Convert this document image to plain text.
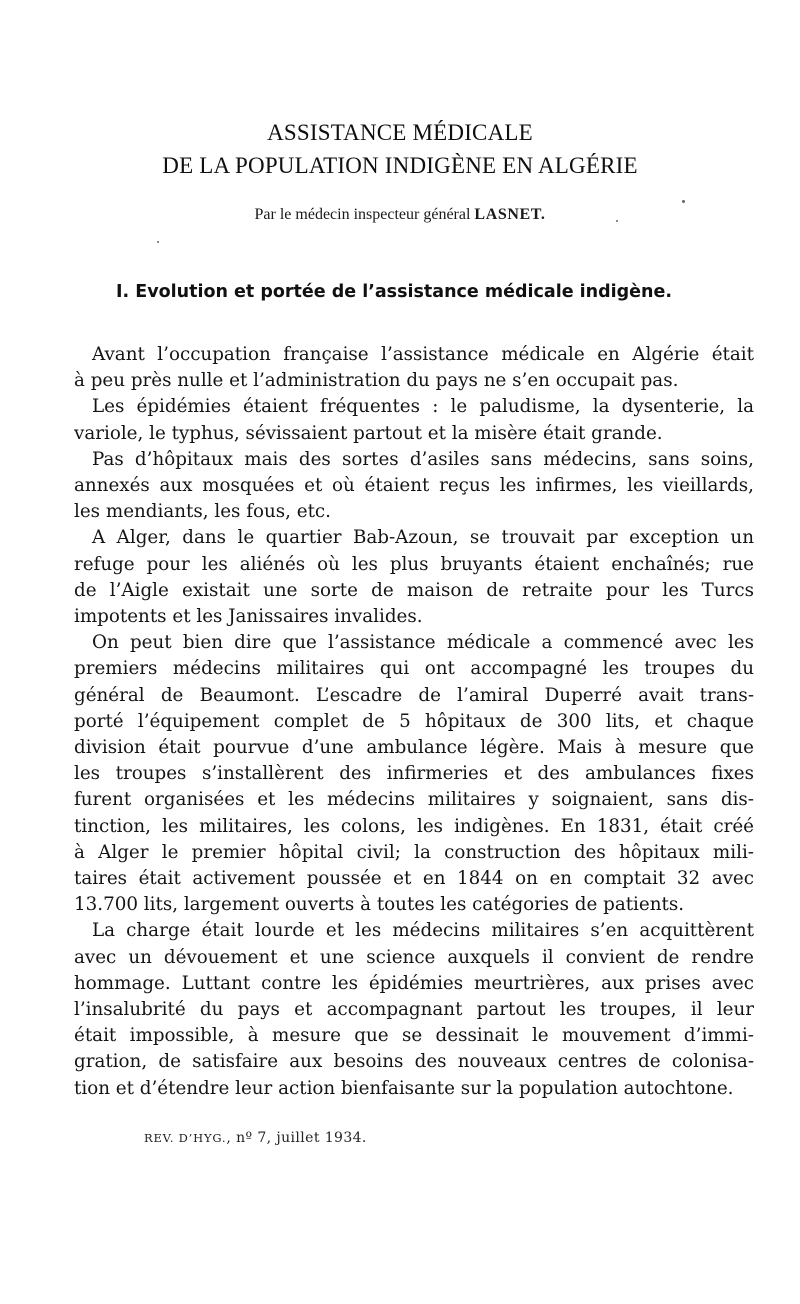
ASSISTANCE MÉDICALE
DE LA POPULATION INDIGÈNE EN ALGÉRIE
Par le médecin inspecteur général LASNET.
I. Evolution et portée de l’assistance médicale indigène.
Avant l’occupation française l’assistance médicale en Algérie était
à peu près nulle et l’administration du pays ne s’en occupait pas.
Les épidémies étaient fréquentes : le paludisme, la dysenterie, la
variole, le typhus, sévissaient partout et la misère était grande.
Pas d’hôpitaux mais des sortes d’asiles sans médecins, sans soins,
annexés aux mosquées et où étaient reçus les infirmes, les vieillards,
les mendiants, les fous, etc.
A Alger, dans le quartier Bab-Azoun, se trouvait par exception un
refuge pour les aliénés où les plus bruyants étaient enchaînés; rue
de l’Aigle existait une sorte de maison de retraite pour les Turcs
impotents et les Janissaires invalides.
On peut bien dire que l’assistance médicale a commencé avec les
premiers médecins militaires qui ont accompagné les troupes du
général de Beaumont. L’escadre de l’amiral Duperré avait trans-
porté l’équipement complet de 5 hôpitaux de 300 lits, et chaque
division était pourvue d’une ambulance légère. Mais à mesure que
les troupes s’installèrent des infirmeries et des ambulances fixes
furent organisées et les médecins militaires y soignaient, sans dis-
tinction, les militaires, les colons, les indigènes. En 1831, était créé
à Alger le premier hôpital civil; la construction des hôpitaux mili-
taires était activement poussée et en 1844 on en comptait 32 avec
13.700 lits, largement ouverts à toutes les catégories de patients.
La charge était lourde et les médecins militaires s’en acquittèrent
avec un dévouement et une science auxquels il convient de rendre
hommage. Luttant contre les épidémies meurtrières, aux prises avec
l’insalubrité du pays et accompagnant partout les troupes, il leur
était impossible, à mesure que se dessinait le mouvement d’immi-
gration, de satisfaire aux besoins des nouveaux centres de colonisa-
tion et d’étendre leur action bienfaisante sur la population autochtone.
REV. D’HYG., nº 7, juillet 1934.
